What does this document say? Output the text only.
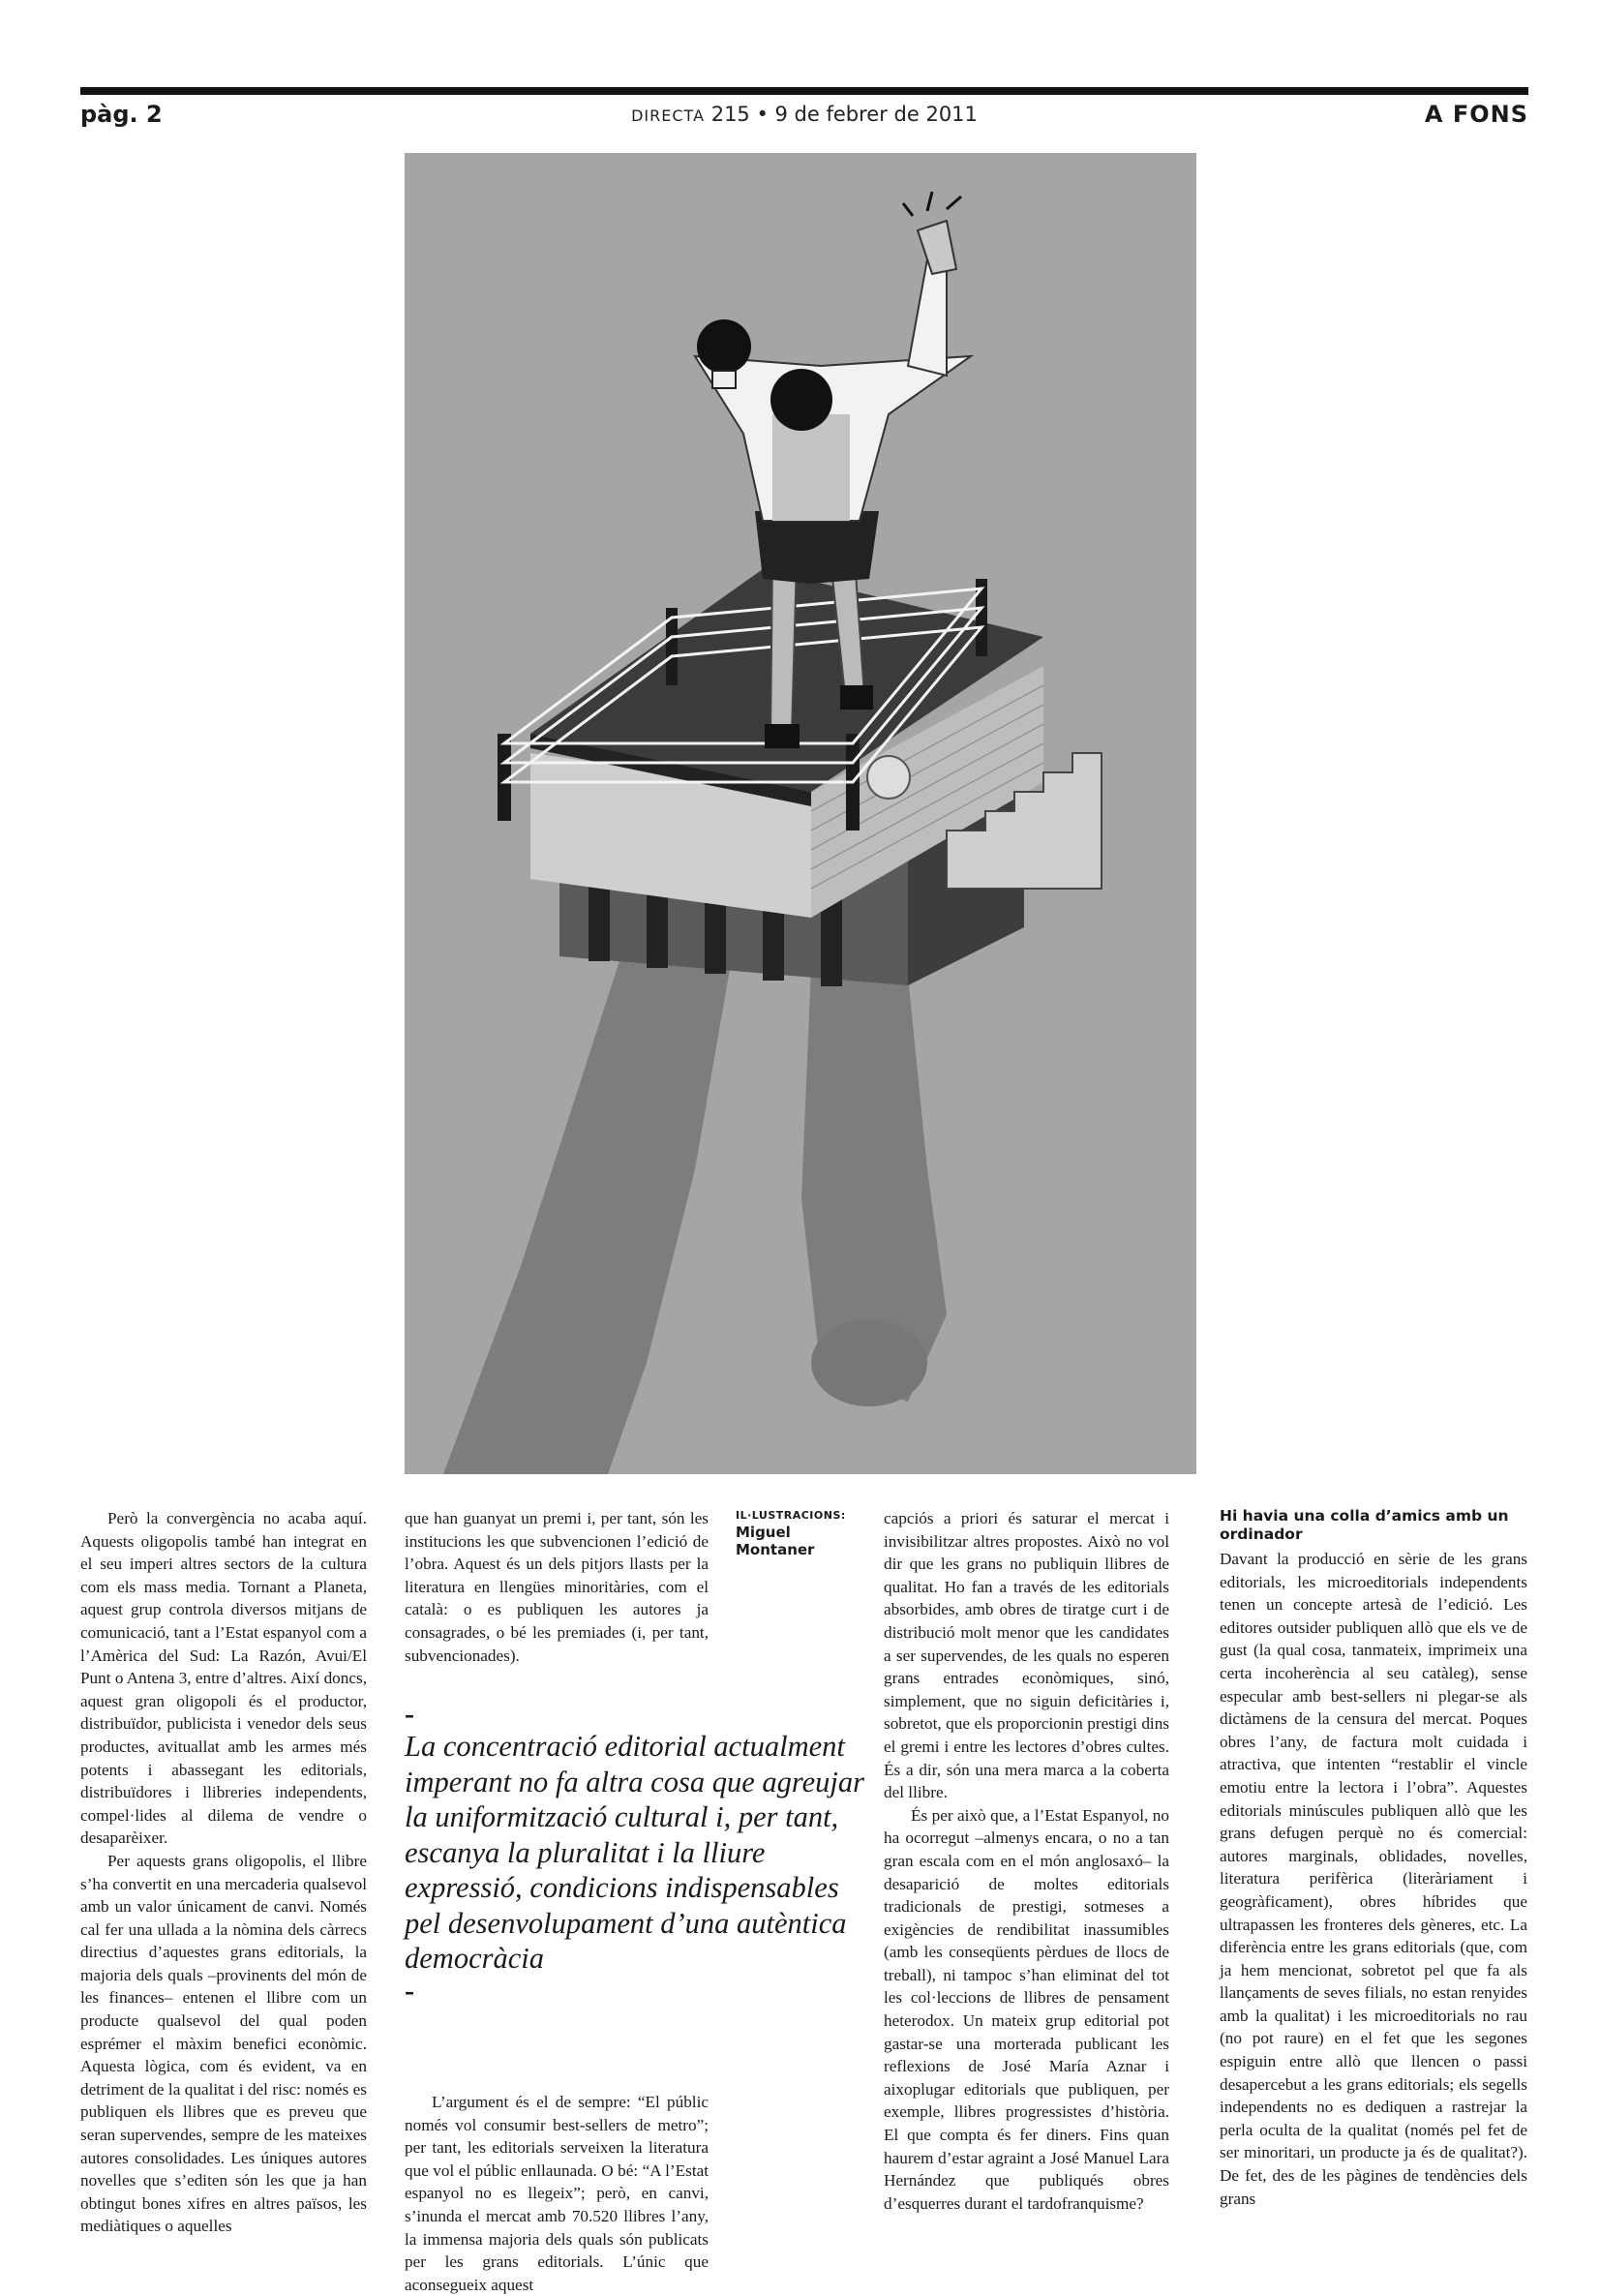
pàg. 2	DIRECTA 215 • 9 de febrer de 2011	A FONS

Però la convergència no acaba aquí. Aquests oligopolis també han integrat en el seu imperi altres sectors de la cultura com els mass media. Tornant a Planeta, aquest grup controla diversos mitjans de comunicació, tant a l’Estat espanyol com a l’Amèrica del Sud: La Razón, Avui/El Punt o Antena 3, entre d’altres. Així doncs, aquest gran oligopoli és el productor, distribuïdor, publicista i venedor dels seus productes, avituallat amb les armes més potents i abassegant les editorials, distribuïdores i llibreries independents, compel·lides al dilema de vendre o desaparèixer.

Per aquests grans oligopolis, el llibre s’ha convertit en una mercaderia qualsevol amb un valor únicament de canvi. Només cal fer una ullada a la nòmina dels càrrecs directius d’aquestes grans editorials, la majoria dels quals –provinents del món de les finances– entenen el llibre com un producte qualsevol del qual poden esprémer el màxim benefici econòmic. Aquesta lògica, com és evident, va en detriment de la qualitat i del risc: només es publiquen els llibres que es preveu que seran supervendes, sempre de les mateixes autores consolidades. Les úniques autores novelles que s’editen són les que ja han obtingut bones xifres en altres països, les mediàtiques o aquelles

que han guanyat un premi i, per tant, són les institucions les que subvencionen l’edició de l’obra. Aquest és un dels pitjors llasts per la literatura en llengües minoritàries, com el català: o es publiquen les autores ja consagrades, o bé les premiades (i, per tant, subvencionades).

IL·LUSTRACIONS:
Miguel Montaner
–
La concentració editorial actualment imperant no fa altra cosa que agreujar la uniformització cultural i, per tant, escanya la pluralitat i la lliure expressió, condicions indispensables pel desenvolupament d’una autèntica democràcia
–

L’argument és el de sempre: “El públic només vol consumir best-sellers de metro”; per tant, les editorials serveixen la literatura que vol el públic enllaunada. O bé: “A l’Estat espanyol no es llegeix”; però, en canvi, s’inunda el mercat amb 70.520 llibres l’any, la immensa majoria dels quals són publicats per les grans editorials. L’únic que aconsegueix aquest

capciós a priori és saturar el mercat i invisibilitzar altres propostes. Això no vol dir que les grans no publiquin llibres de qualitat. Ho fan a través de les editorials absorbides, amb obres de tiratge curt i de distribució molt menor que les candidates a ser supervendes, de les quals no esperen grans entrades econòmiques, sinó, simplement, que no siguin deficitàries i, sobretot, que els proporcionin prestigi dins el gremi i entre les lectores d’obres cultes. És a dir, són una mera marca a la coberta del llibre.

És per això que, a l’Estat Espanyol, no ha ocorregut –almenys encara, o no a tan gran escala com en el món anglosaxó– la desaparició de moltes editorials tradicionals de prestigi, sotmeses a exigències de rendibilitat inassumibles (amb les conseqüents pèrdues de llocs de treball), ni tampoc s’han eliminat del tot les col·leccions de llibres de pensament heterodox. Un mateix grup editorial pot gastar-se una morterada publicant les reflexions de José María Aznar i aixoplugar editorials que publiquen, per exemple, llibres progressistes d’història. El que compta és fer diners. Fins quan haurem d’estar agraint a José Manuel Lara Hernández que publiqués obres d’esquerres durant el tardofranquisme?

Hi havia una colla d’amics amb un ordinador

Davant la producció en sèrie de les grans editorials, les microeditorials independents tenen un concepte artesà de l’edició. Les editores outsider publiquen allò que els ve de gust (la qual cosa, tanmateix, imprimeix una certa incoherència al seu catàleg), sense especular amb best-sellers ni plegar-se als dictàmens de la censura del mercat. Poques obres l’any, de factura molt cuidada i atractiva, que intenten “restablir el vincle emotiu entre la lectora i l’obra”. Aquestes editorials minúscules publiquen allò que les grans defugen perquè no és comercial: autores marginals, oblidades, novelles, literatura perifèrica (literàriament i geogràficament), obres híbrides que ultrapassen les fronteres dels gèneres, etc. La diferència entre les grans editorials (que, com ja hem mencionat, sobretot pel que fa als llançaments de seves filials, no estan renyides amb la qualitat) i les microeditorials no rau (no pot raure) en el fet que les segones espiguin entre allò que llencen o passi desapercebut a les grans editorials; els segells independents no es dediquen a rastrejar la perla oculta de la qualitat (només pel fet de ser minoritari, un producte ja és de qualitat?). De fet, des de les pàgines de tendències dels grans
